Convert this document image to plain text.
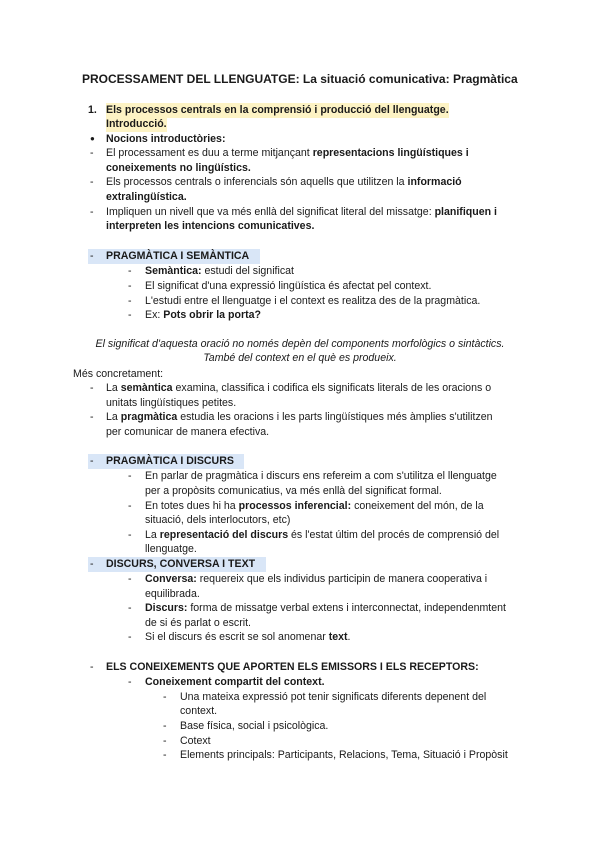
PROCESSAMENT DEL LLENGUATGE: La situació comunicativa: Pragmàtica
1. Els processos centrals en la comprensió i producció del llenguatge.
Introducció.
● Nocions introductòries:
- El processament es duu a terme mitjançant representacions lingüístiques i
coneixements no lingüístics.
- Els processos centrals o inferencials són aquells que utilitzen la informació
extralingüística.
- Impliquen un nivell que va més enllà del significat literal del missatge: planifiquen i
interpreten les intencions comunicatives.
- PRAGMÀTICA I SEMÀNTICA
- Semàntica: estudi del significat
- El significat d'una expressió lingüística és afectat pel context.
- L'estudi entre el llenguatge i el context es realitza des de la pragmàtica.
- Ex: Pots obrir la porta?
El significat d'aquesta oració no només depèn del components morfològics o sintàctics.
També del context en el què es produeix.
Més concretament:
- La semàntica examina, classifica i codifica els significats literals de les oracions o
unitats lingüístiques petites.
- La pragmàtica estudia les oracions i les parts lingüístiques més àmplies s'utilitzen
per comunicar de manera efectiva.
- PRAGMÀTICA I DISCURS
- En parlar de pragmàtica i discurs ens refereim a com s'utilitza el llenguatge
per a propòsits comunicatius, va més enllà del significat formal.
- En totes dues hi ha processos inferencial: coneixement del món, de la
situació, dels interlocutors, etc)
- La representació del discurs és l'estat últim del procés de comprensió del
llenguatge.
- DISCURS, CONVERSA I TEXT
- Conversa: requereix que els individus participin de manera cooperativa i
equilibrada.
- Discurs: forma de missatge verbal extens i interconnectat, independenmtent
de si és parlat o escrit.
- Si el discurs és escrit se sol anomenar text.
- ELS CONEIXEMENTS QUE APORTEN ELS EMISSORS I ELS RECEPTORS:
- Coneixement compartit del context.
- Una mateixa expressió pot tenir significats diferents depenent del
context.
- Base física, social i psicològica.
- Cotext
- Elements principals: Participants, Relacions, Tema, Situació i Propòsit
